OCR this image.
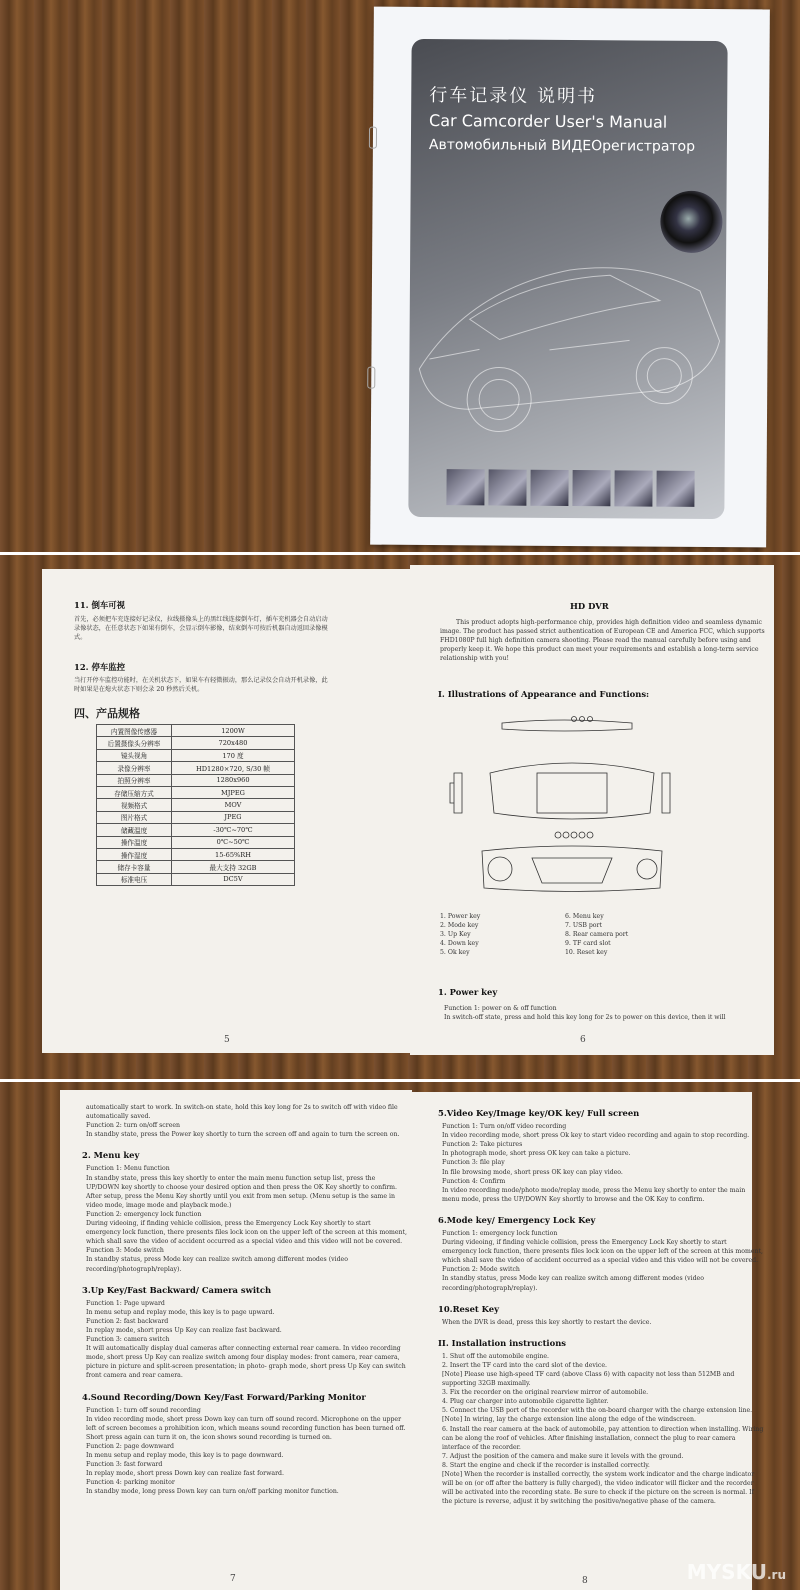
行车记录仪 说明书
Car Camcorder User's Manual
Автомобильный ВИДЕОрегистратор
11. 倒车可视
首先，必须把车充连接好记录仪，拉线摄像头上的黑红线连接倒车灯，插车充机器会自动启动
录像状态，在任意状态下如果有倒车，会显示倒车影像，结束倒车可按后机器自动返回录像模
式。
12. 停车监控
当打开停车监控功能时，在关机状态下，如果车有轻微振动，那么记录仪会自动开机录像，此
时如果是在熄火状态下则会录 20 秒然后关机。
四、产品规格
内置图像传感器	1200W
后置摄像头分辨率	720x480
镜头视角	170 度
录像分辨率	HD1280×720, S/30 帧
拍照分辨率	1280x960
存储压缩方式	MJPEG
视频格式	MOV
图片格式	JPEG
储藏温度	-30℃~70℃
操作温度	0℃~50℃
操作湿度	15-65%RH
储存卡容量	最大支持 32GB
标准电压	DC5V
5
HD DVR
This product adopts high-performance chip, provides high definition video and seamless dynamic
image. The product has passed strict authentication of European CE and America FCC, which supports
FHD1080P full high definition camera shooting. Please read the manual carefully before using and
properly keep it. We hope this product can meet your requirements and establish a long-term service
relationship with you!
I. Illustrations of Appearance and Functions:
1. Power key
2. Mode key
3. Up Key
4. Down key
5. Ok key
6. Menu key
7. USB port
8. Rear camera port
9. TF card slot
10. Reset key
1. Power key
Function 1: power on & off function
In switch-off state, press and hold this key long for 2s to power on this device, then it will
6
automatically start to work. In switch-on state, hold this key long for 2s to switch off with video file
automatically saved.
Function 2: turn on/off screen
In standby state, press the Power key shortly to turn the screen off and again to turn the screen on.
2. Menu key
Function 1: Menu function
In standby state, press this key shortly to enter the main menu function setup list, press the
UP/DOWN key shortly to choose your desired option and then press the OK Key shortly to confirm.
After setup, press the Menu Key shortly until you exit from men setup. (Menu setup is the same in
video mode, image mode and playback mode.)
Function 2: emergency lock function
During videoing, if finding vehicle collision, press the Emergency Lock Key shortly to start
emergency lock function, there presents files lock icon on the upper left of the screen at this moment,
which shall save the video of accident occurred as a special video and this video will not be covered.
Function 3: Mode switch
In standby status, press Mode key can realize switch among different modes (video
recording/photograph/replay).
3.Up Key/Fast Backward/ Camera switch
Function 1: Page upward
In menu setup and replay mode, this key is to page upward.
Function 2: fast backward
In replay mode, short press Up Key can realize fast backward.
Function 3: camera switch
It will automatically display dual cameras after connecting external rear camera. In video recording
mode, short press Up Key can realize switch among four display modes: front camera, rear camera,
picture in picture and split-screen presentation; in photo- graph mode, short press Up Key can switch
front camera and rear camera.
4.Sound Recording/Down Key/Fast Forward/Parking Monitor
Function 1: turn off sound recording
In video recording mode, short press Down key can turn off sound record. Microphone on the upper
left of screen becomes a prohibition icon, which means sound recording function has been turned off.
Short press again can turn it on, the icon shows sound recording is turned on.
Function 2: page downward
In menu setup and replay mode, this key is to page downward.
Function 3: fast forward
In replay mode, short press Down key can realize fast forward.
Function 4: parking monitor
In standby mode, long press Down key can turn on/off parking monitor function.
7
5.Video Key/Image key/OK key/ Full screen
Function 1: Turn on/off video recording
In video recording mode, short press Ok key to start video recording and again to stop recording.
Function 2: Take pictures
In photograph mode, short press OK key can take a picture.
Function 3: file play
In file browsing mode, short press OK key can play video.
Function 4: Confirm
In video recording mode/photo mode/replay mode, press the Menu key shortly to enter the main
menu mode, press the UP/DOWN Key shortly to browse and the OK Key to confirm.
6.Mode key/ Emergency Lock Key
Function 1: emergency lock function
During videoing, if finding vehicle collision, press the Emergency Lock Key shortly to start
emergency lock function, there presents files lock icon on the upper left of the screen at this moment,
which shall save the video of accident occurred as a special video and this video will not be covered.
Function 2: Mode switch
In standby status, press Mode key can realize switch among different modes (video
recording/photograph/replay).
10.Reset Key
When the DVR is dead, press this key shortly to restart the device.
II. Installation instructions
1. Shut off the automobile engine.
2. Insert the TF card into the card slot of the device.
[Note] Please use high-speed TF card (above Class 6) with capacity not less than 512MB and
supporting 32GB maximally.
3. Fix the recorder on the original rearview mirror of automobile.
4. Plug car charger into automobile cigarette lighter.
5. Connect the USB port of the recorder with the on-board charger with the charge extension line.
[Note] In wiring, lay the charge extension line along the edge of the windscreen.
6. Install the rear camera at the back of automobile, pay attention to direction when installing. Wiring
can be along the roof of vehicles. After finishing installation, connect the plug to rear camera
interface of the recorder.
7. Adjust the position of the camera and make sure it levels with the ground.
8. Start the engine and check if the recorder is installed correctly.
[Note] When the recorder is installed correctly, the system work indicator and the charge indicator
will be on (or off after the battery is fully charged), the video indicator will flicker and the recorder
will be activated into the recording state. Be sure to check if the picture on the screen is normal. If
the picture is reverse, adjust it by switching the positive/negative phase of the camera.
8	MYSKU.ru
